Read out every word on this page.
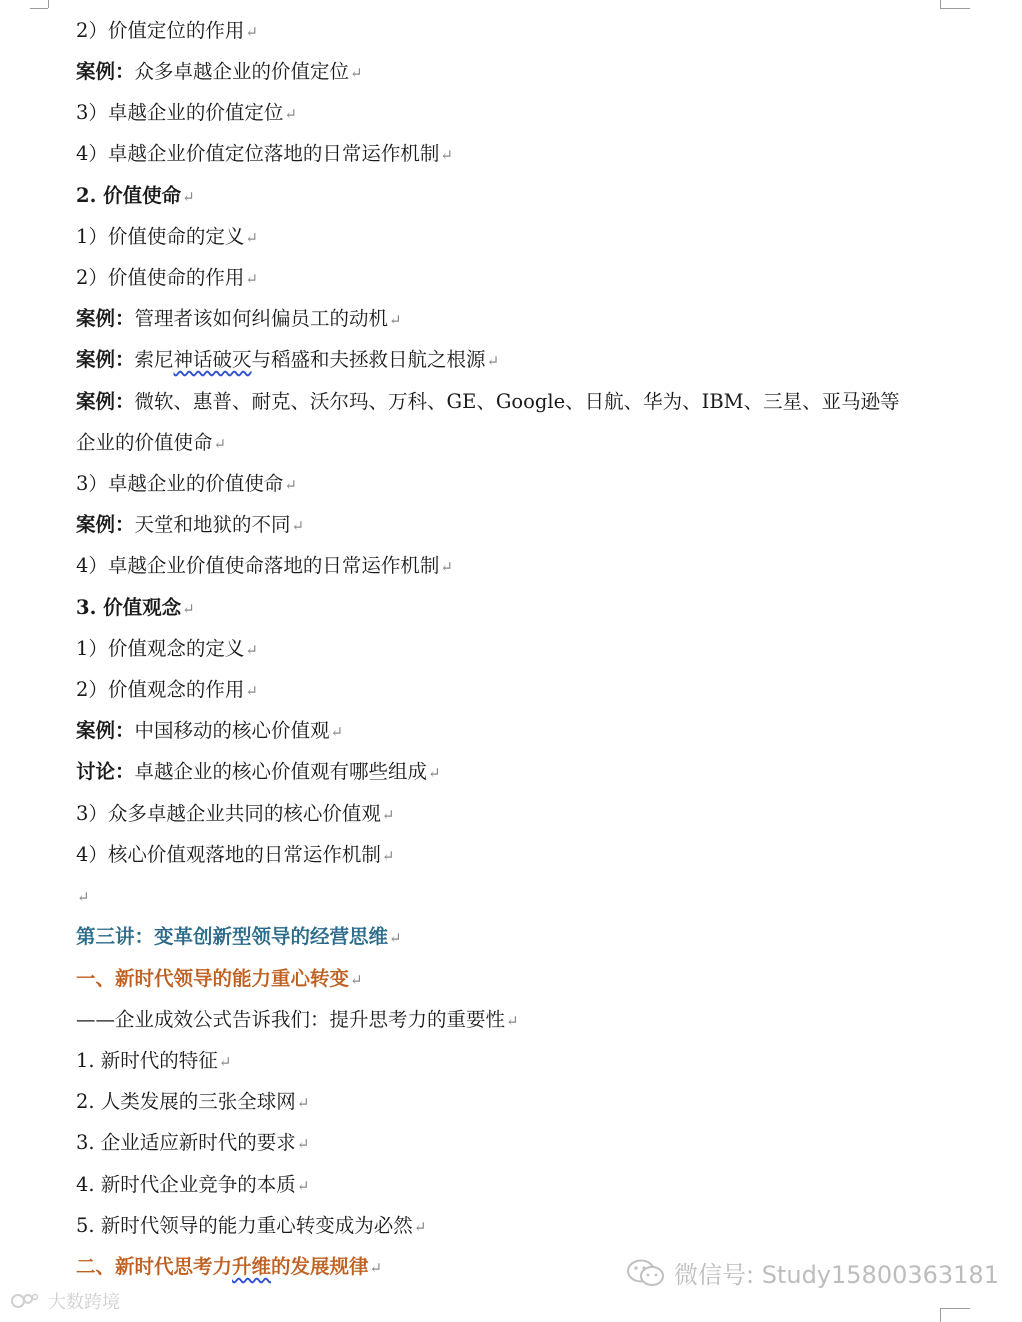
2）价值定位的作用↵
案例：众多卓越企业的价值定位↵
3）卓越企业的价值定位↵
4）卓越企业价值定位落地的日常运作机制↵
2. 价值使命↵
1）价值使命的定义↵
2）价值使命的作用↵
案例：管理者该如何纠偏员工的动机↵
案例：索尼神话破灭与稻盛和夫拯救日航之根源↵
案例：微软、惠普、耐克、沃尔玛、万科、GE、Google、日航、华为、IBM、三星、亚马逊等
企业的价值使命↵
3）卓越企业的价值使命↵
案例：天堂和地狱的不同↵
4）卓越企业价值使命落地的日常运作机制↵
3. 价值观念↵
1）价值观念的定义↵
2）价值观念的作用↵
案例：中国移动的核心价值观↵
讨论：卓越企业的核心价值观有哪些组成↵
3）众多卓越企业共同的核心价值观↵
4）核心价值观落地的日常运作机制↵
↵
第三讲：变革创新型领导的经营思维↵
一、新时代领导的能力重心转变↵
——企业成效公式告诉我们：提升思考力的重要性↵
1. 新时代的特征↵
2. 人类发展的三张全球网↵
3. 企业适应新时代的要求↵
4. 新时代企业竞争的本质↵
5. 新时代领导的能力重心转变成为必然↵
二、新时代思考力升维的发展规律↵	微信号: Study15800363181
大数跨境
